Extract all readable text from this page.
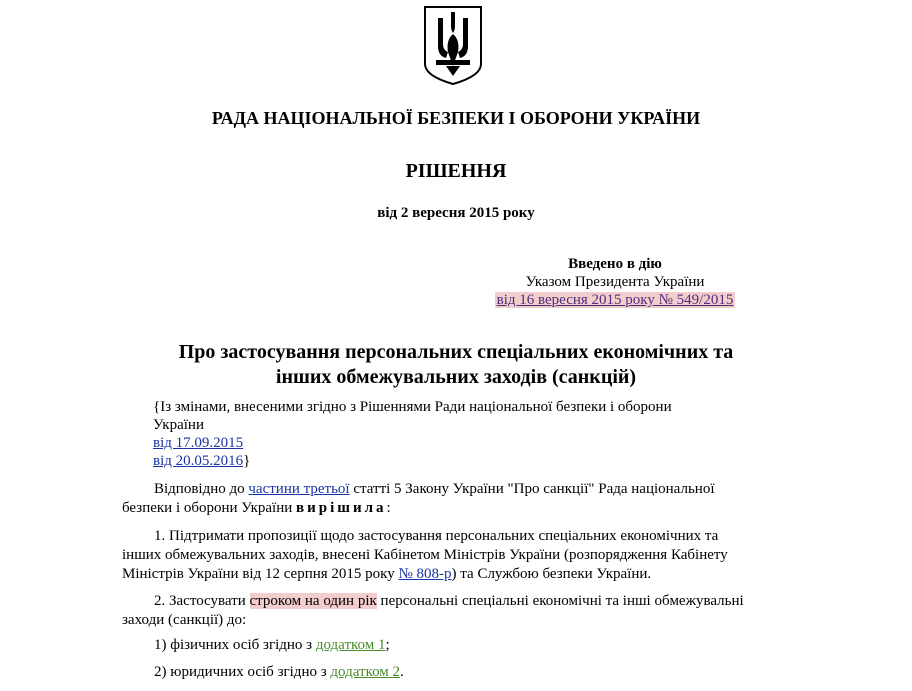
РАДА НАЦІОНАЛЬНОЇ БЕЗПЕКИ І ОБОРОНИ УКРАЇНИ
РІШЕННЯ
від 2 вересня 2015 року
Введено в дію
Указом Президента України
від 16 вересня 2015 року № 549/2015
Про застосування персональних спеціальних економічних та
інших обмежувальних заходів (санкцій)
{Із змінами, внесеними згідно з Рішеннями Ради національної безпеки і оборони
України
від 17.09.2015
від 20.05.2016}
Відповідно до частини третьої статті 5 Закону України "Про санкції" Рада національної
безпеки і оборони України вирішила:
1. Підтримати пропозиції щодо застосування персональних спеціальних економічних та
інших обмежувальних заходів, внесені Кабінетом Міністрів України (розпорядження Кабінету
Міністрів України від 12 серпня 2015 року № 808-р) та Службою безпеки України.
2. Застосувати строком на один рік персональні спеціальні економічні та інші обмежувальні
заходи (санкції) до:
1) фізичних осіб згідно з додатком 1;
2) юридичних осіб згідно з додатком 2.
